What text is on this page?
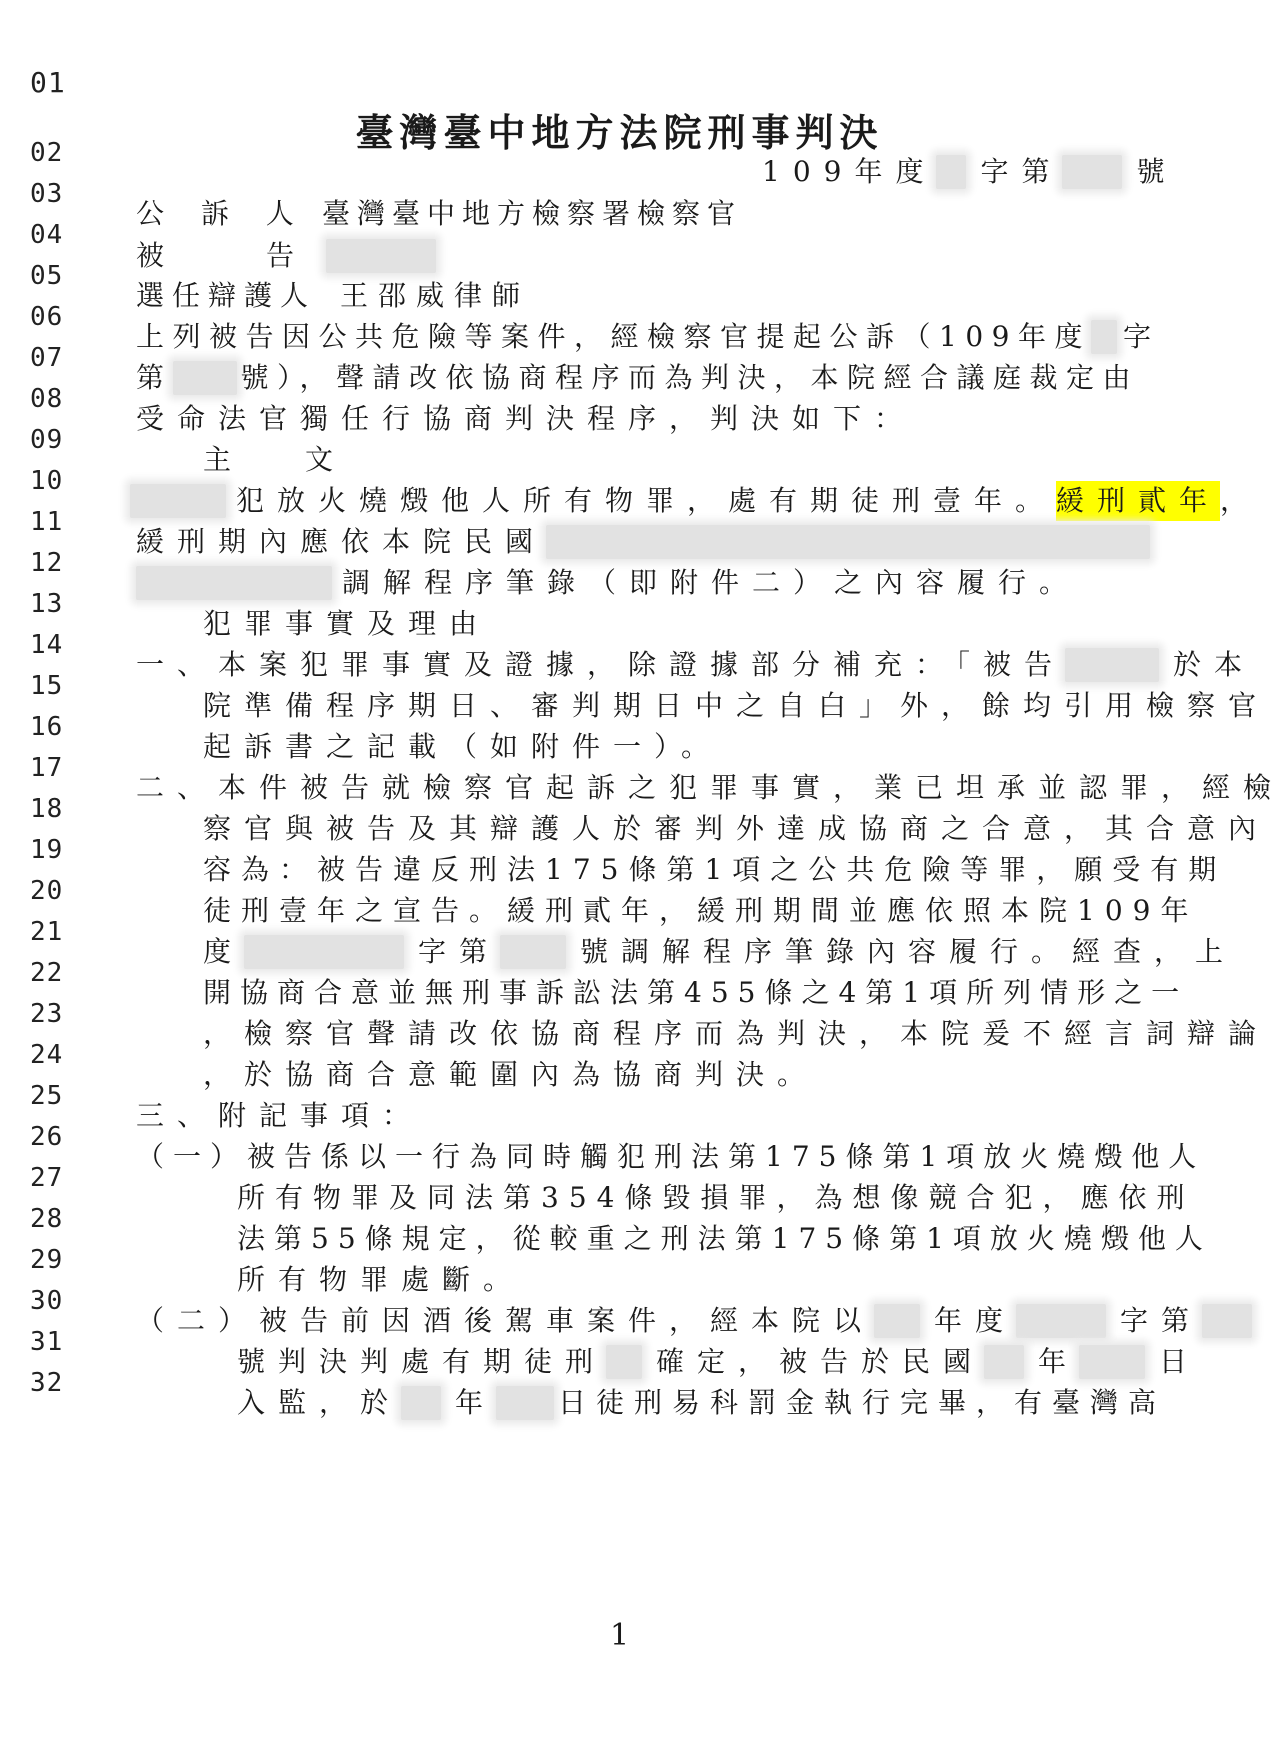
01
臺灣臺中地方法院刑事判決
02
03
04
05
06
07
08
09
10
11
12
13
14
15
16
17
18
19
20
21
22
23
24
25
26
27
28
29
30
31
32
109年度 字第	號
公 訴 人 臺灣臺中地方檢察署檢察官
被	告
選任辯護人 王邵威律師
上列被告因公共危險等案件，經檢察官提起公訴（109年度 字
第 號），聲請改依協商程序而為判決，本院經合議庭裁定由
受命法官獨任行協商判決程序，判決如下：
主 文
犯放火燒燬他人所有物罪，處有期徒刑壹年。緩刑貳年，
緩刑期內應依本院民國
調解程序筆錄（即附件二）之內容履行。
犯罪事實及理由
一、本案犯罪事實及證據，除證據部分補充：「被告	於本
院準備程序期日、審判期日中之自白」外，餘均引用檢察官
起訴書之記載（如附件一）。
二、本件被告就檢察官起訴之犯罪事實，業已坦承並認罪，經檢
察官與被告及其辯護人於審判外達成協商之合意，其合意內
容為：被告違反刑法175條第1項之公共危險等罪，願受有期
徒刑壹年之宣告。緩刑貳年，緩刑期間並應依照本院109年
度	字第	號調解程序筆錄內容履行。經查，上
開協商合意並無刑事訴訟法第455條之4第1項所列情形之一
，檢察官聲請改依協商程序而為判決，本院爰不經言詞辯論
，於協商合意範圍內為協商判決。
三、附記事項：
（一）被告係以一行為同時觸犯刑法第175條第1項放火燒燬他人
所有物罪及同法第354條毀損罪，為想像競合犯，應依刑
法第55條規定，從較重之刑法第175條第1項放火燒燬他人
所有物罪處斷。
（二）被告前因酒後駕車案件，經本院以 年度	字第
號判決判處有期徒刑 確定，被告於民國 年	日
入監，於 年 日徒刑易科罰金執行完畢，有臺灣高
1
